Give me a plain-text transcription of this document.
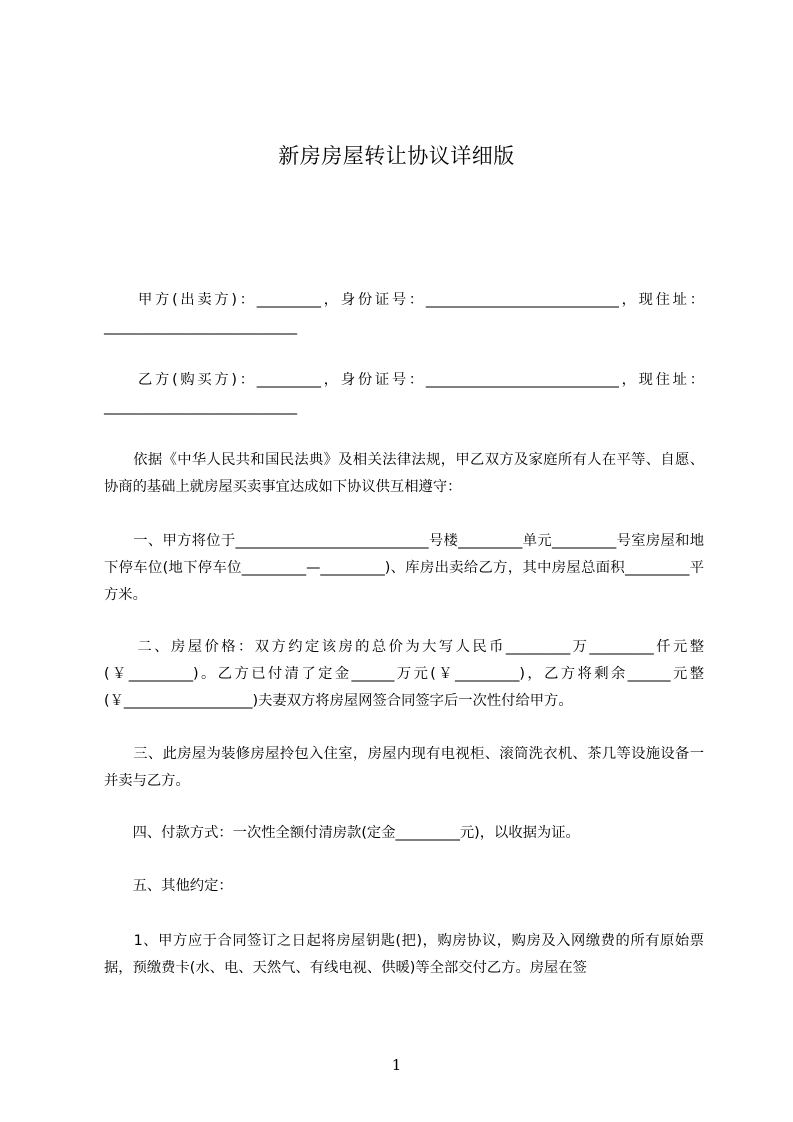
新房房屋转让协议详细版
　　甲方(出卖方)：_________，身份证号：___________________________，现住址：___________________________
　　乙方(购买方)：_________，身份证号：___________________________，现住址：___________________________
　　依据《中华人民共和国民法典》及相关法律法规，甲乙双方及家庭所有人在平等、自愿、协商的基础上就房屋买卖事宜达成如下协议供互相遵守：
　　一、甲方将位于___________________________号楼_________单元_________号室房屋和地下停车位(地下停车位_________—_________)、库房出卖给乙方，其中房屋总面积_________平方米。
　　二、房屋价格：双方约定该房的总价为大写人民币_________万_________仟元整(￥_________)。乙方已付清了定金______万元(￥_________)，乙方将剩余______元整(￥__________________)夫妻双方将房屋网签合同签字后一次性付给甲方。
　　三、此房屋为装修房屋拎包入住室，房屋内现有电视柜、滚筒洗衣机、茶几等设施设备一并卖与乙方。
　　四、付款方式：一次性全额付清房款(定金_________元)，以收据为证。
　　五、其他约定：
　　1、甲方应于合同签订之日起将房屋钥匙(把)，购房协议，购房及入网缴费的所有原始票据，预缴费卡(水、电、天然气、有线电视、供暖)等全部交付乙方。房屋在签
1
